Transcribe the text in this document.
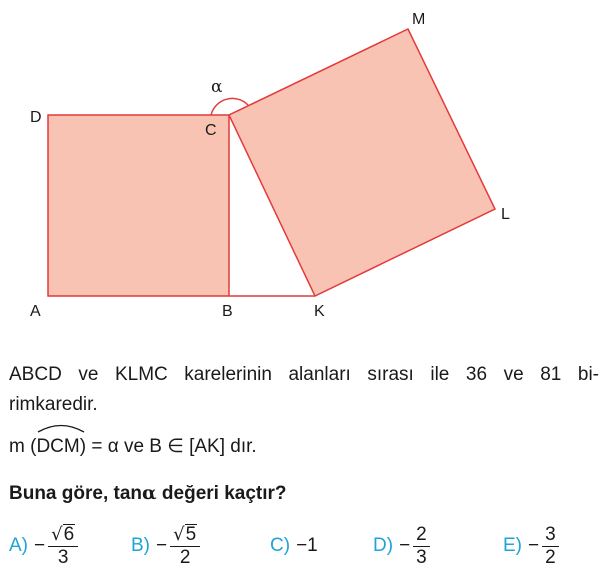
α
D
C
M
L
A	B	K
ABCD ve KLMC karelerinin alanları sırası ile 36 ve 81 bi-
rimkaredir.
m ( DCM ) = α ve B ∈ [AK] dır.
Buna göre, tanα değeri kaçtır?
$A) - \frac{√ 6}{3}$	$B) - \frac{√ 5}{2}$	C) −1	$D) - \frac{2}{3}$	$E) - \frac{3}{2}$
